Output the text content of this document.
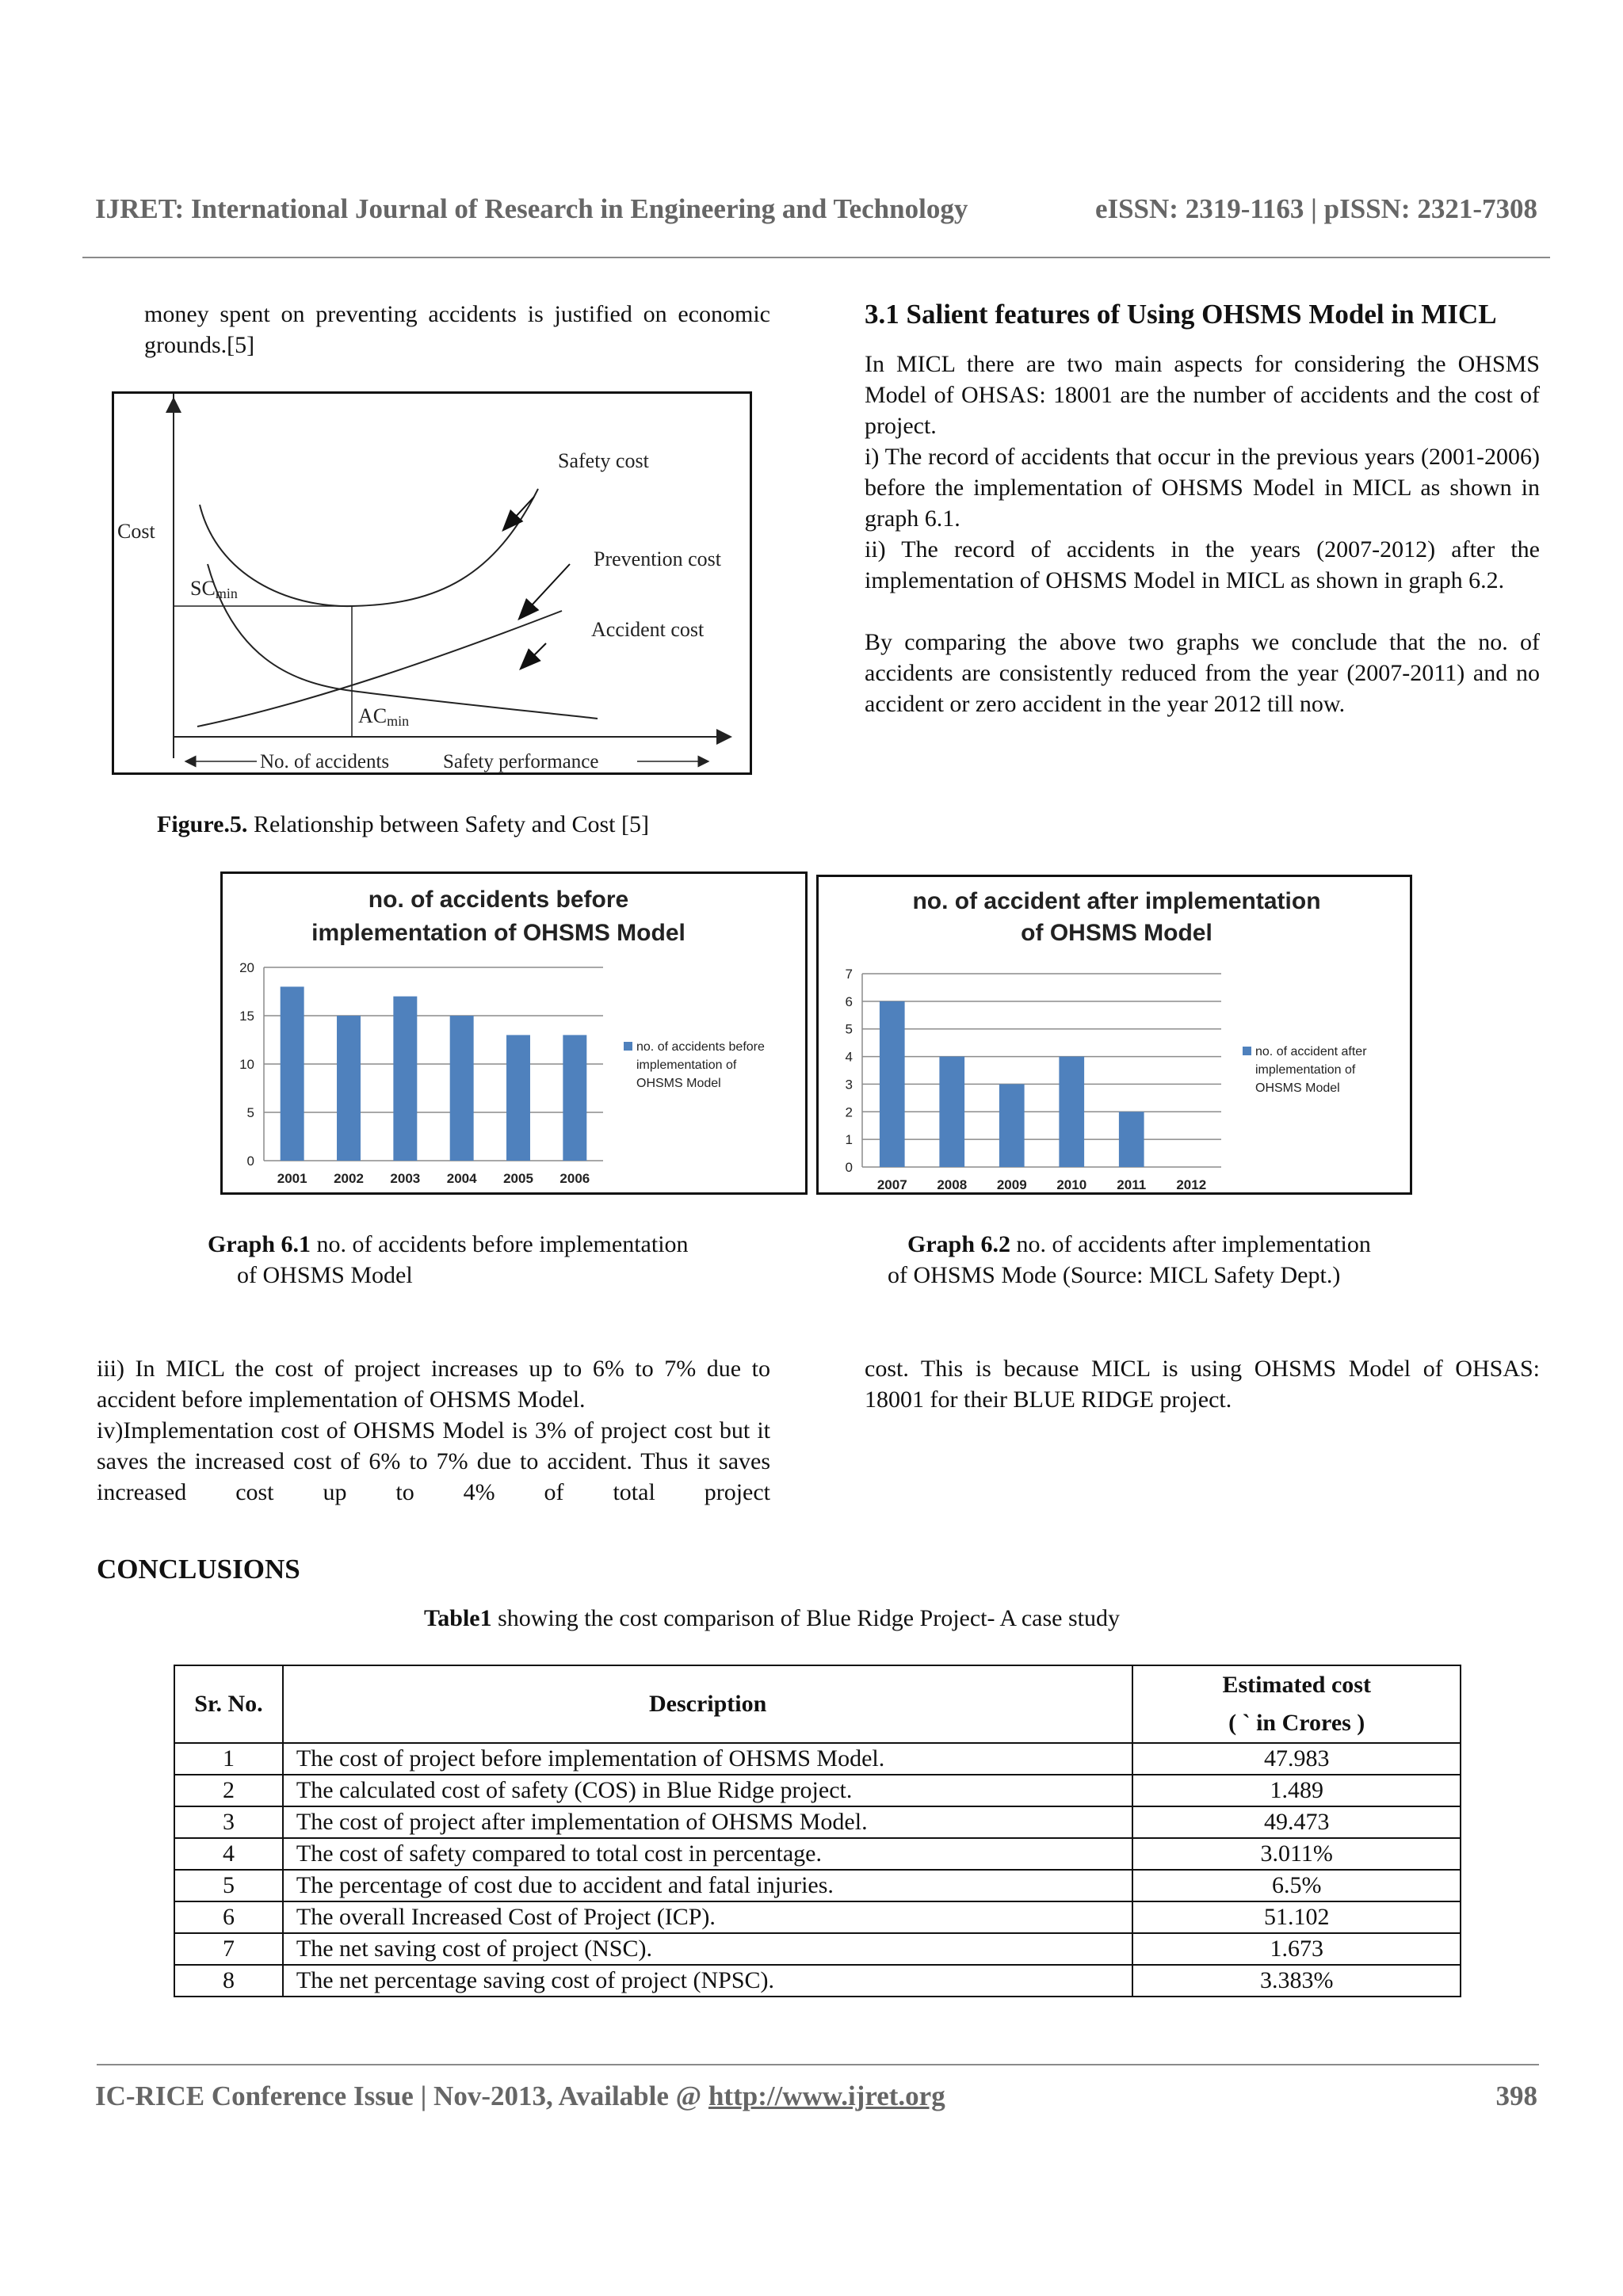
IJRET: International Journal of Research in Engineering and Technology	eISSN: 2319-1163 | pISSN: 2321-7308

money spent on preventing accidents is justified on economic grounds.[5]

Cost
Safety cost
Prevention cost
Accident cost
SCmin
ACmin
No. of accidents	Safety performance
Figure.5. Relationship between Safety and Cost [5]
3.1 Salient features of Using OHSMS Model in MICL

In MICL there are two main aspects for considering the OHSMS Model of OHSAS: 18001 are the number of accidents and the cost of project.

i) The record of accidents that occur in the previous years (2001-2006) before the implementation of OHSMS Model in MICL as shown in graph 6.1.

ii) The record of accidents in the years (2007-2012) after the implementation of OHSMS Model in MICL as shown in graph 6.2.

By comparing the above two graphs we conclude that the no. of accidents are consistently reduced from the year (2007-2011) and no accident or zero accident in the year 2012 till now.

no. of accidents before
implementation of OHSMS Model
0
5
10
15
20
2001 2002 2003 2004 2005 2006
no. of accidents before
implementation of
OHSMS Model
no. of accident after implementation
of OHSMS Model
0
1
2
3
4
5
6
7
2007 2008 2009 2010 2011 2012
no. of accident after
implementation of
OHSMS Model
Graph 6.1 no. of accidents before implementation
of OHSMS Model
Graph 6.2 no. of accidents after implementation
of OHSMS Mode (Source: MICL Safety Dept.)

iii) In MICL the cost of project increases up to 6% to 7% due to accident before implementation of OHSMS Model.

iv)Implementation cost of OHSMS Model is 3% of project cost but it saves the increased cost of 6% to 7% due to accident. Thus it saves increased cost up to 4% of total project

cost. This is because MICL is using OHSMS Model of OHSAS: 18001 for their BLUE RIDGE project.

CONCLUSIONS
Table1 showing the cost comparison of Blue Ridge Project- A case study
Sr. No.	Description	Estimated cost
( ` in Crores )

1	The cost of project before implementation of OHSMS Model.	47.983
2	The calculated cost of safety (COS) in Blue Ridge project.	1.489
3	The cost of project after implementation of OHSMS Model.	49.473
4	The cost of safety compared to total cost in percentage.	3.011%
5	The percentage of cost due to accident and fatal injuries.	6.5%
6	The overall Increased Cost of Project (ICP).	51.102
7	The net saving cost of project (NSC).	1.673
8	The net percentage saving cost of project (NPSC).	3.383%
IC-RICE Conference Issue | Nov-2013, Available @ http://www.ijret.org	398
